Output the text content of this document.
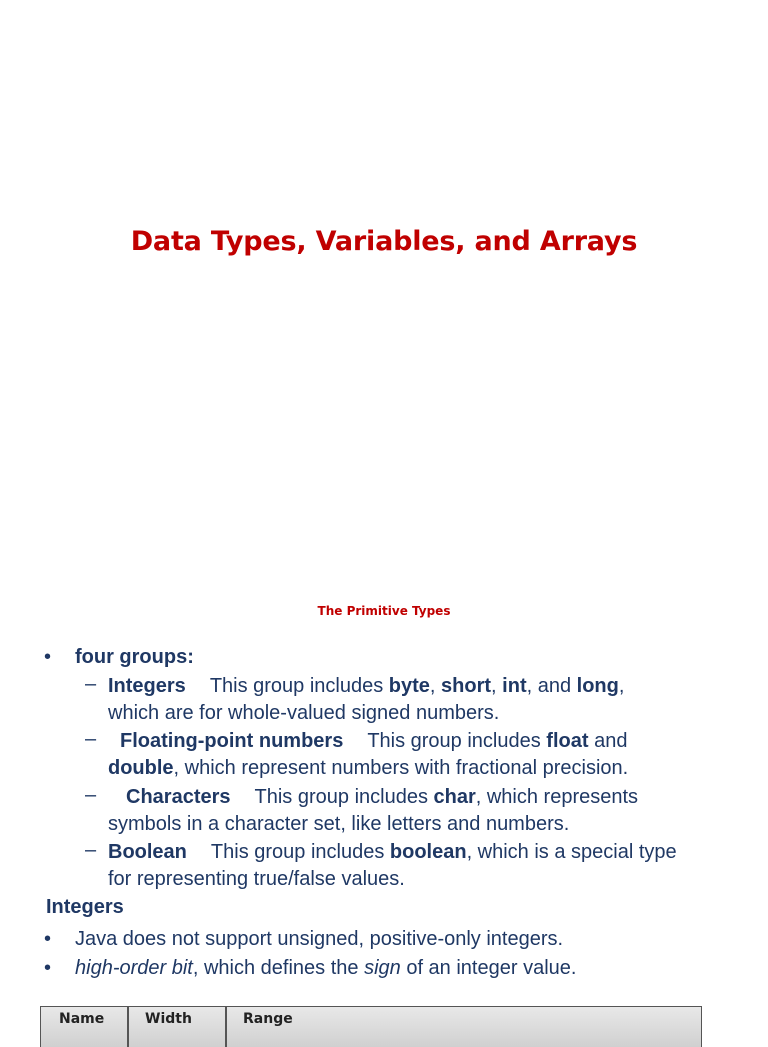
Data Types, Variables, and Arrays
The Primitive Types
• four groups:
– Integers This group includes byte, short, int, and long,
which are for whole-valued signed numbers.
–	Floating-point numbers This group includes float and
double, which represent numbers with fractional precision.
–	Characters This group includes char, which represents
symbols in a character set, like letters and numbers.
– Boolean This group includes boolean, which is a special type
for representing true/false values.
Integers
• Java does not support unsigned, positive-only integers.
• high-order bit, which defines the sign of an integer value.
Name	Width	Range
